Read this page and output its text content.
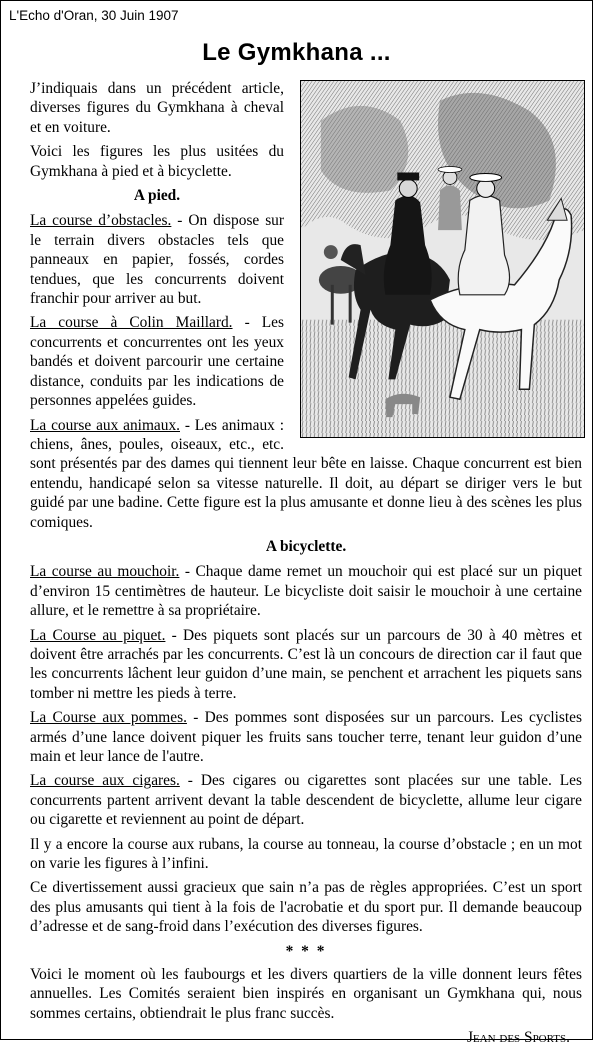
L'Echo d'Oran, 30 Juin 1907
Le Gymkhana ...

J’indiquais dans un précédent article, diverses figures du Gymkhana à cheval et en voiture.

Voici les figures les plus usitées du Gymkhana à pied et à bicyclette.

A pied.

La course d’obstacles. - On dispose sur le terrain divers obstacles tels que panneaux en papier, fossés, cordes tendues, que les concurrents doivent franchir pour arriver au but.

La course à Colin Maillard. - Les concurrents et concurrentes ont les yeux bandés et doivent parcourir une certaine distance, conduits par les indications de personnes appelées guides.

La course aux animaux. - Les animaux : chiens, ânes, poules, oiseaux, etc., etc. sont présentés par des dames qui tiennent leur bête en laisse. Chaque concurrent est bien entendu, handicapé selon sa vitesse naturelle. Il doit, au départ se diriger vers le but guidé par une badine. Cette figure est la plus amusante et donne lieu à des scènes les plus comiques.

A bicyclette.

La course au mouchoir. - Chaque dame remet un mouchoir qui est placé sur un piquet d’environ 15 centimètres de hauteur. Le bicycliste doit saisir le mouchoir à une certaine allure, et le remettre à sa propriétaire.

La Course au piquet. - Des piquets sont placés sur un parcours de 30 à 40 mètres et doivent être arrachés par les concurrents. C’est là un concours de direction car il faut que les concurrents lâchent leur guidon d’une main, se penchent et arrachent les piquets sans tomber ni mettre les pieds à terre.

La Course aux pommes. - Des pommes sont disposées sur un parcours. Les cyclistes armés d’une lance doivent piquer les fruits sans toucher terre, tenant leur guidon d’une main et leur lance de l'autre.

La course aux cigares. - Des cigares ou cigarettes sont placées sur une table. Les concurrents partent arrivent devant la table descendent de bicyclette, allume leur cigare ou cigarette et reviennent au point de départ.

Il y a encore la course aux rubans, la course au tonneau, la course d’obstacle ; en un mot on varie les figures à l’infini.

Ce divertissement aussi gracieux que sain n’a pas de règles appropriées. C’est un sport des plus amusants qui tient à la fois de l'acrobatie et du sport pur. Il demande beaucoup d’adresse et de sang-froid dans l’exécution des diverses figures.

* * *

Voici le moment où les faubourgs et les divers quartiers de la ville donnent leurs fêtes annuelles. Les Comités seraient bien inspirés en organisant un Gymkhana qui, nous sommes certains, obtiendrait le plus franc succès.

Jean des Sports.
